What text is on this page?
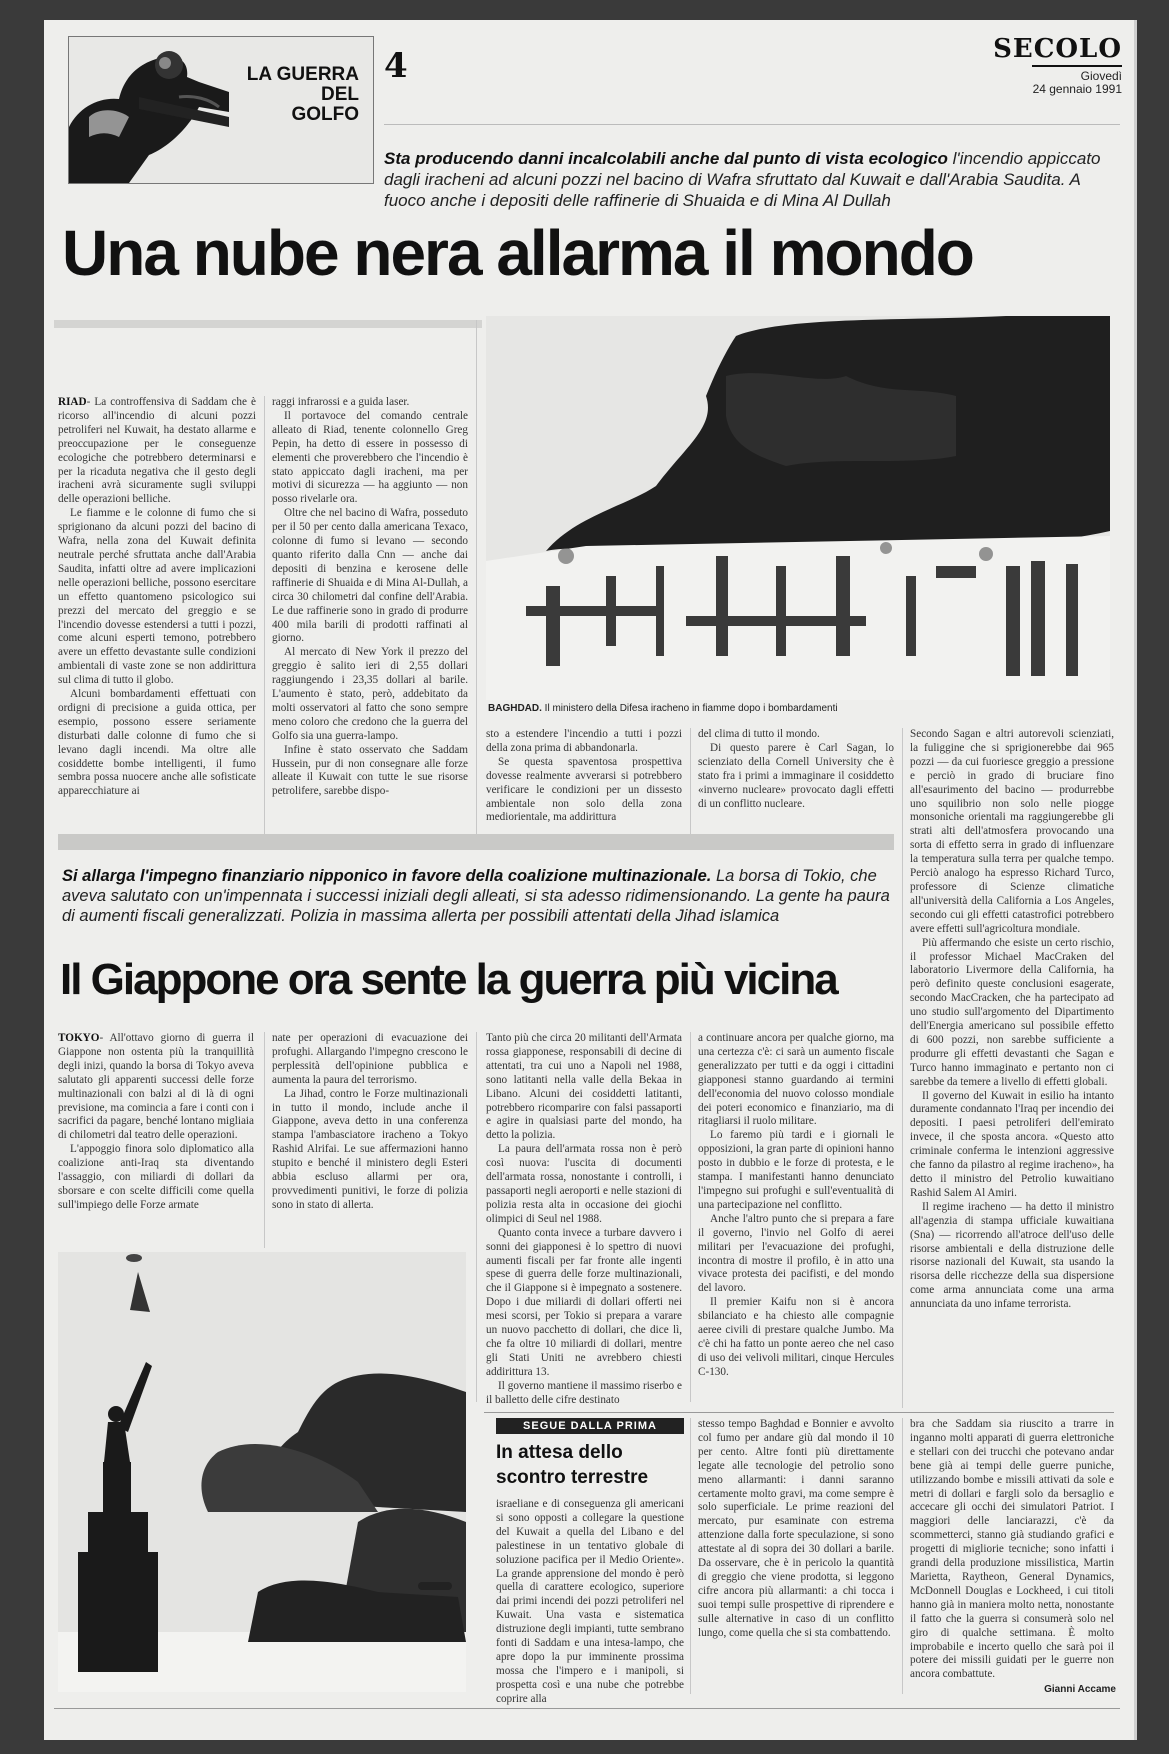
LA GUERRA
DEL
GOLFO
4	SECOLO
Giovedì
24 gennaio 1991
Sta producendo danni incalcolabili anche dal punto di vista ecologico l'incendio appiccato dagli iracheni ad alcuni pozzi nel bacino di Wafra sfruttato dal Kuwait e dall'Arabia Saudita. A fuoco anche i depositi delle raffinerie di Shuaida e di Mina Al Dullah
Una nube nera allarma il mondo
BAGHDAD. Il ministero della Difesa iracheno in fiamme dopo i bombardamenti

RIAD- La controffensiva di Saddam che è ricorso all'incendio di alcuni pozzi petroliferi nel Kuwait, ha destato allarme e preoccupazione per le conseguenze ecologiche che potrebbero determinarsi e per la ricaduta negativa che il gesto degli iracheni avrà sicuramente sugli sviluppi delle operazioni belliche.

Le fiamme e le colonne di fumo che si sprigionano da alcuni pozzi del bacino di Wafra, nella zona del Kuwait definita neutrale perché sfruttata anche dall'Arabia Saudita, infatti oltre ad avere implicazioni nelle operazioni belliche, possono esercitare un effetto quantomeno psicologico sui prezzi del mercato del greggio e se l'incendio dovesse estendersi a tutti i pozzi, come alcuni esperti temono, potrebbero avere un effetto devastante sulle condizioni ambientali di vaste zone se non addirittura sul clima di tutto il globo.

Alcuni bombardamenti effettuati con ordigni di precisione a guida ottica, per esempio, possono essere seriamente disturbati dalle colonne di fumo che si levano dagli incendi. Ma oltre alle cosiddette bombe intelligenti, il fumo sembra possa nuocere anche alle sofisticate apparecchiature ai

raggi infrarossi e a guida laser.

Il portavoce del comando centrale alleato di Riad, tenente colonnello Greg Pepin, ha detto di essere in possesso di elementi che proverebbero che l'incendio è stato appiccato dagli iracheni, ma per motivi di sicurezza — ha aggiunto — non posso rivelarle ora.

Oltre che nel bacino di Wafra, posseduto per il 50 per cento dalla americana Texaco, colonne di fumo si levano — secondo quanto riferito dalla Cnn — anche dai depositi di benzina e kerosene delle raffinerie di Shuaida e di Mina Al-Dullah, a circa 30 chilometri dal confine dell'Arabia. Le due raffinerie sono in grado di produrre 400 mila barili di prodotti raffinati al giorno.

Al mercato di New York il prezzo del greggio è salito ieri di 2,55 dollari raggiungendo i 23,35 dollari al barile. L'aumento è stato, però, addebitato da molti osservatori al fatto che sono sempre meno coloro che credono che la guerra del Golfo sia una guerra-lampo.

Infine è stato osservato che Saddam Hussein, pur di non consegnare alle forze alleate il Kuwait con tutte le sue risorse petrolifere, sarebbe dispo-

sto a estendere l'incendio a tutti i pozzi della zona prima di abbandonarla.

Se questa spaventosa prospettiva dovesse realmente avverarsi si potrebbero verificare le condizioni per un dissesto ambientale non solo della zona mediorientale, ma addirittura

del clima di tutto il mondo.

Di questo parere è Carl Sagan, lo scienziato della Cornell University che è stato fra i primi a immaginare il cosiddetto «inverno nucleare» provocato dagli effetti di un conflitto nucleare.

Secondo Sagan e altri autorevoli scienziati, la fuliggine che si sprigionerebbe dai 965 pozzi — da cui fuoriesce greggio a pressione e perciò in grado di bruciare fino all'esaurimento del bacino — produrrebbe uno squilibrio non solo nelle piogge monsoniche orientali ma raggiungerebbe gli strati alti dell'atmosfera provocando una sorta di effetto serra in grado di influenzare la temperatura sulla terra per qualche tempo. Perciò analogo ha espresso Richard Turco, professore di Scienze climatiche all'università della California a Los Angeles, secondo cui gli effetti catastrofici potrebbero avere effetti sull'agricoltura mondiale.

Più affermando che esiste un certo rischio, il professor Michael MacCraken del laboratorio Livermore della California, ha però definito queste conclusioni esagerate, secondo MacCracken, che ha partecipato ad uno studio sull'argomento del Dipartimento dell'Energia americano sul possibile effetto di 600 pozzi, non sarebbe sufficiente a produrre gli effetti devastanti che Sagan e Turco hanno immaginato e pertanto non ci sarebbe da temere a livello di effetti globali.

Il governo del Kuwait in esilio ha intanto duramente condannato l'Iraq per incendio dei depositi. I paesi petroliferi dell'emirato invece, il che sposta ancora. «Questo atto criminale conferma le intenzioni aggressive che fanno da pilastro al regime iracheno», ha detto il ministro del Petrolio kuwaitiano Rashid Salem Al Amiri.

Il regime iracheno — ha detto il ministro all'agenzia di stampa ufficiale kuwaitiana (Sna) — ricorrendo all'atroce dell'uso delle risorse ambientali e della distruzione delle risorse nazionali del Kuwait, sta usando la risorsa delle ricchezze della sua dispersione come arma annunciata come una arma annunciata da uno infame terrorista.

Si allarga l'impegno finanziario nipponico in favore della coalizione multinazionale. La borsa di Tokio, che aveva salutato con un'impennata i successi iniziali degli alleati, si sta adesso ridimensionando. La gente ha paura di aumenti fiscali generalizzati. Polizia in massima allerta per possibili attentati della Jihad islamica
Il Giappone ora sente la guerra più vicina

TOKYO- All'ottavo giorno di guerra il Giappone non ostenta più la tranquillità degli inizi, quando la borsa di Tokyo aveva salutato gli apparenti successi delle forze multinazionali con balzi al di là di ogni previsione, ma comincia a fare i conti con i sacrifici da pagare, benché lontano migliaia di chilometri dal teatro delle operazioni.

L'appoggio finora solo diplomatico alla coalizione anti-Iraq sta diventando l'assaggio, con miliardi di dollari da sborsare e con scelte difficili come quella sull'impiego delle Forze armate

nate per operazioni di evacuazione dei profughi. Allargando l'impegno crescono le perplessità dell'opinione pubblica e aumenta la paura del terrorismo.

La Jihad, contro le Forze multinazionali in tutto il mondo, include anche il Giappone, aveva detto in una conferenza stampa l'ambasciatore iracheno a Tokyo Rashid Alrifai. Le sue affermazioni hanno stupito e benché il ministero degli Esteri abbia escluso allarmi per ora, provvedimenti punitivi, le forze di polizia sono in stato di allerta.

Tanto più che circa 20 militanti dell'Armata rossa giapponese, responsabili di decine di attentati, tra cui uno a Napoli nel 1988, sono latitanti nella valle della Bekaa in Libano. Alcuni dei cosiddetti latitanti, potrebbero ricomparire con falsi passaporti e agire in qualsiasi parte del mondo, ha detto la polizia.

La paura dell'armata rossa non è però così nuova: l'uscita di documenti dell'armata rossa, nonostante i controlli, i passaporti negli aeroporti e nelle stazioni di polizia resta alta in occasione dei giochi olimpici di Seul nel 1988.

Quanto conta invece a turbare davvero i sonni dei giapponesi è lo spettro di nuovi aumenti fiscali per far fronte alle ingenti spese di guerra delle forze multinazionali, che il Giappone si è impegnato a sostenere. Dopo i due miliardi di dollari offerti nei mesi scorsi, per Tokio si prepara a varare un nuovo pacchetto di dollari, che dice lì, che fa oltre 10 miliardi di dollari, mentre gli Stati Uniti ne avrebbero chiesti addirittura 13.

Il governo mantiene il massimo riserbo e il balletto delle cifre destinato

a continuare ancora per qualche giorno, ma una certezza c'è: ci sarà un aumento fiscale generalizzato per tutti e da oggi i cittadini giapponesi stanno guardando ai termini dell'economia del nuovo colosso mondiale dei poteri economico e finanziario, ma di ritagliarsi il ruolo militare.

Lo faremo più tardi e i giornali le opposizioni, la gran parte di opinioni hanno posto in dubbio e le forze di protesta, e le stampa. I manifestanti hanno denunciato l'impegno sui profughi e sull'eventualità di una partecipazione nel conflitto.

Anche l'altro punto che si prepara a fare il governo, l'invio nel Golfo di aerei militari per l'evacuazione dei profughi, incontra di mostre il profilo, è in atto una vivace protesta dei pacifisti, e del mondo del lavoro.

Il premier Kaifu non si è ancora sbilanciato e ha chiesto alle compagnie aeree civili di prestare qualche Jumbo. Ma c'è chi ha fatto un ponte aereo che nel caso di uso dei velivoli militari, cinque Hercules C-130.

SEGUE DALLA PRIMA
In attesa dello
scontro terrestre

israeliane e di conseguenza gli americani si sono opposti a collegare la questione del Kuwait a quella del Libano e del palestinese in un tentativo globale di soluzione pacifica per il Medio Oriente». La grande apprensione del mondo è però quella di carattere ecologico, superiore dai primi incendi dei pozzi petroliferi nel Kuwait. Una vasta e sistematica distruzione degli impianti, tutte sembrano fonti di Saddam e una intesa-lampo, che apre dopo la pur imminente prossima mossa che l'impero e i manipoli, si prospetta così e una nube che potrebbe coprire alla

stesso tempo Baghdad e Bonnier e avvolto col fumo per andare giù dal mondo il 10 per cento. Altre fonti più direttamente legate alle tecnologie del petrolio sono meno allarmanti: i danni saranno certamente molto gravi, ma come sempre è solo superficiale. Le prime reazioni del mercato, pur esaminate con estrema attenzione dalla forte speculazione, si sono attestate al di sopra dei 30 dollari a barile. Da osservare, che è in pericolo la quantità di greggio che viene prodotta, si leggono cifre ancora più allarmanti: a chi tocca i suoi tempi sulle prospettive di riprendere e sulle alternative in caso di un conflitto lungo, come quella che si sta combattendo.

bra che Saddam sia riuscito a trarre in inganno molti apparati di guerra elettroniche e stellari con dei trucchi che potevano andar bene già ai tempi delle guerre puniche, utilizzando bombe e missili attivati da sole e metri di dollari e fargli solo da bersaglio e accecare gli occhi dei simulatori Patriot. I maggiori delle lanciarazzi, c'è da scommetterci, stanno già studiando grafici e progetti di migliorie tecniche; sono infatti i grandi della produzione missilistica, Martin Marietta, Raytheon, General Dynamics, McDonnell Douglas e Lockheed, i cui titoli hanno già in maniera molto netta, nonostante il fatto che la guerra si consumerà solo nel giro di qualche settimana. È molto improbabile e incerto quello che sarà poi il potere dei missili guidati per le guerre non ancora combattute.

Gianni Accame
